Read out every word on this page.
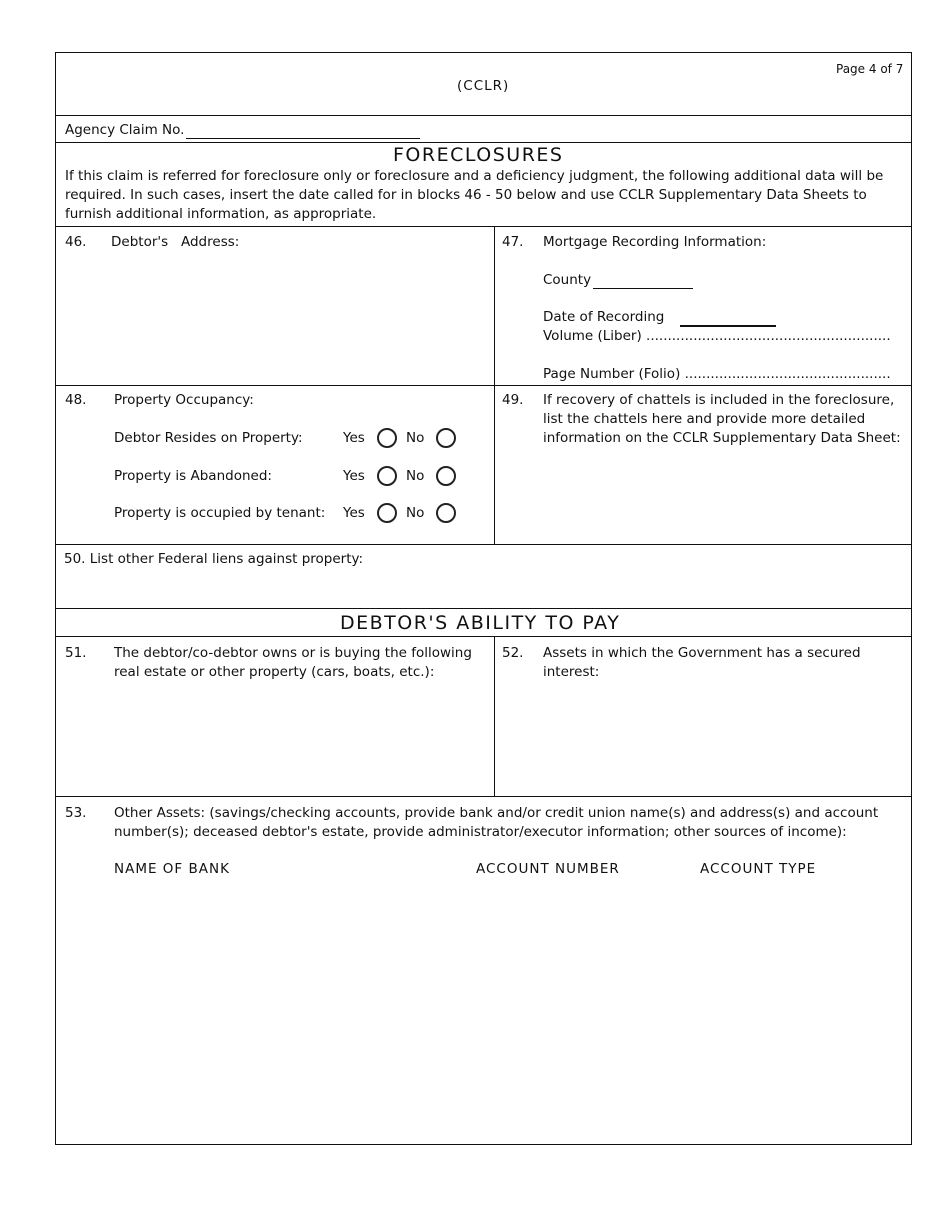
Page 4 of 7
(CCLR)
Agency Claim No.
FORECLOSURES
If this claim is referred for foreclosure only or foreclosure and a deficiency judgment, the following additional data will be required. In such cases, insert the date called for in blocks 46 - 50 below and use CCLR Supplementary Data Sheets to furnish additional information, as appropriate.
46. Debtor's   Address:	47. Mortgage Recording Information:
County
Date of Recording
Volume (Liber) .........................................................
Page Number (Folio) ................................................
48. Property Occupancy:
Debtor Resides on Property:	Yes	No
Property is Abandoned:	Yes	No
Property is occupied by tenant: Yes	No
49. If recovery of chattels is included in the foreclosure, list the chattels here and provide more detailed information on the CCLR Supplementary Data Sheet:
50. List other Federal liens against property:
DEBTOR'S ABILITY TO PAY
51. The debtor/co-debtor owns or is buying the following real estate or other property (cars, boats, etc.):
52. Assets in which the Government has a secured interest:
53. Other Assets: (savings/checking accounts, provide bank and/or credit union name(s) and address(s) and account number(s); deceased debtor's estate, provide administrator/executor information; other sources of income):
NAME OF BANK	ACCOUNT NUMBER	ACCOUNT TYPE
